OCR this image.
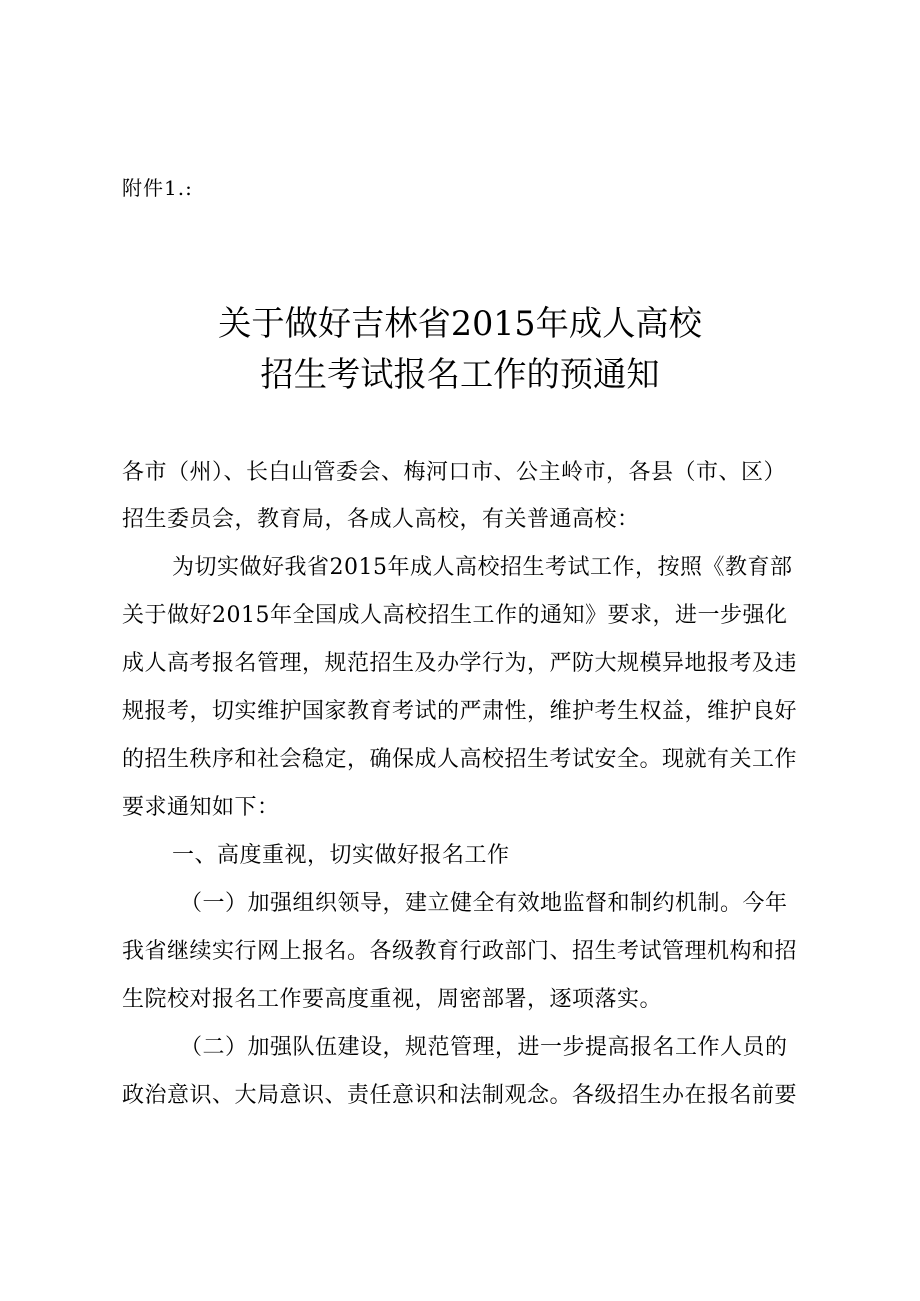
附件1.:
关于做好吉林省2015年成人高校
招生考试报名工作的预通知
各市（州）、长白山管委会、梅河口市、公主岭市，各县（市、区）
招生委员会，教育局，各成人高校，有关普通高校：
为切实做好我省2015年成人高校招生考试工作，按照《教育部
关于做好2015年全国成人高校招生工作的通知》要求，进一步强化
成人高考报名管理，规范招生及办学行为，严防大规模异地报考及违
规报考，切实维护国家教育考试的严肃性，维护考生权益，维护良好
的招生秩序和社会稳定，确保成人高校招生考试安全。现就有关工作
要求通知如下：
一、高度重视，切实做好报名工作
（一）加强组织领导，建立健全有效地监督和制约机制。今年
我省继续实行网上报名。各级教育行政部门、招生考试管理机构和招
生院校对报名工作要高度重视，周密部署，逐项落实。
（二）加强队伍建设，规范管理，进一步提高报名工作人员的
政治意识、大局意识、责任意识和法制观念。各级招生办在报名前要
